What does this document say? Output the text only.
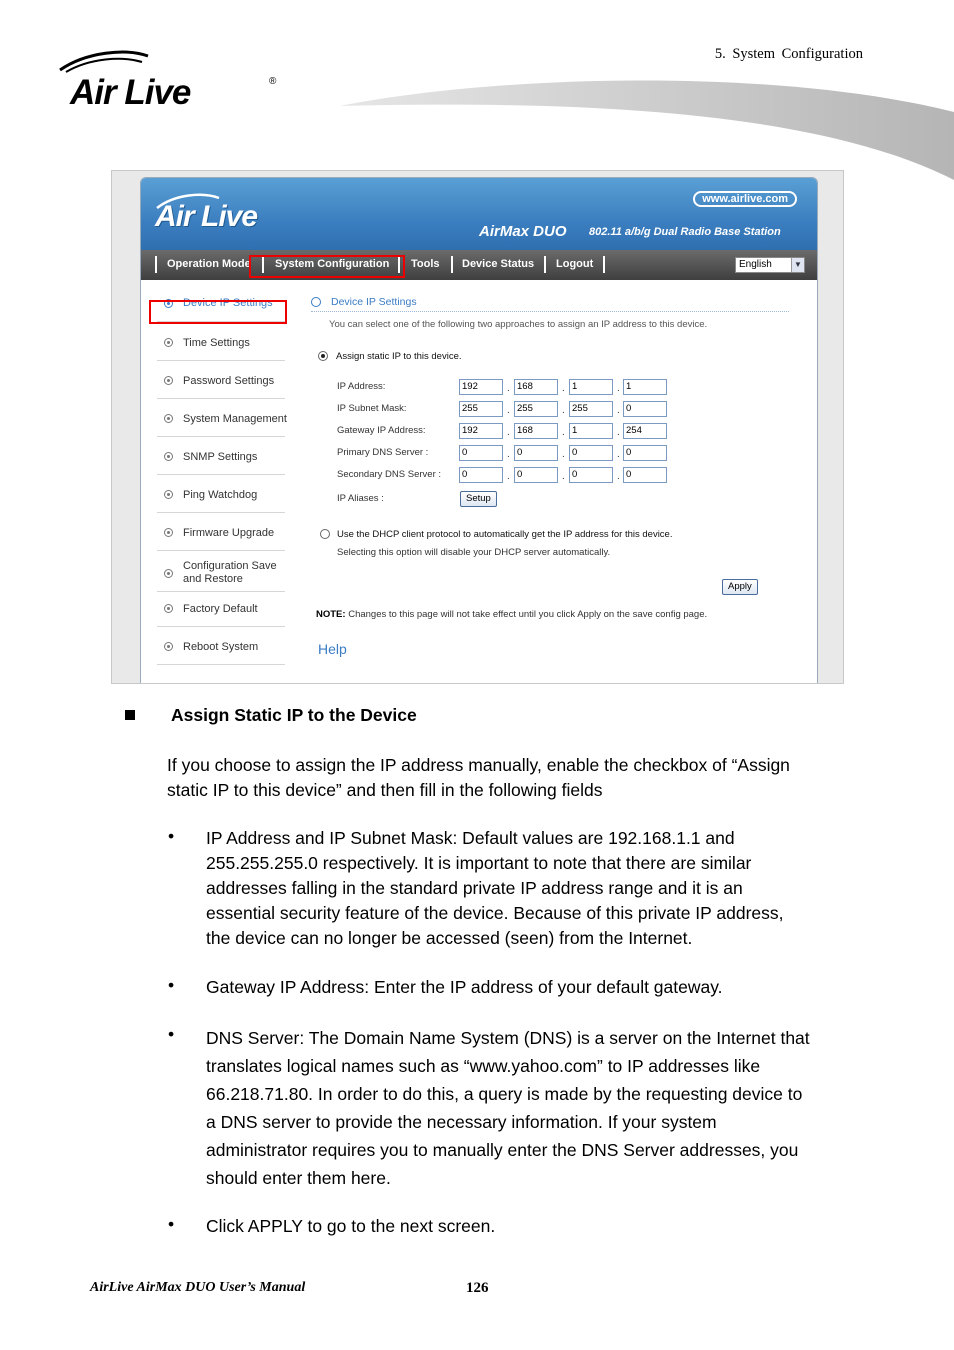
5. System Configuration
Air Live	®
Air Live
www.airlive.com
AirMax DUO 802.11 a/b/g Dual Radio Base Station
Operation Mode System Configuration Tools Device Status Logout	English	▼
Device IP Settings
Time Settings
Password Settings
System Management
SNMP Settings
Ping Watchdog
Firmware Upgrade
Configuration Save
and Restore
Factory Default
Reboot System
Device IP Settings
You can select one of the following two approaches to assign an IP address to this device.
Assign static IP to this device.
IP Address:	192	. 168	. 1	. 1
IP Subnet Mask:	255	. 255	. 255	. 0
Gateway IP Address:	192	. 168	. 1	. 254
Primary DNS Server :	0	. 0	. 0	. 0
Secondary DNS Server :	0	. 0	. 0	. 0
IP Aliases :	Setup
Use the DHCP client protocol to automatically get the IP address for this device.
Selecting this option will disable your DHCP server automatically.
Apply
NOTE: Changes to this page will not take effect until you click Apply on the save config page.
Help
Assign Static IP to the Device
If you choose to assign the IP address manually, enable the checkbox of “Assign
static IP to this device” and then fill in the following fields
• IP Address and IP Subnet Mask: Default values are 192.168.1.1 and
255.255.255.0 respectively. It is important to note that there are similar
addresses falling in the standard private IP address range and it is an
essential security feature of the device. Because of this private IP address,
the device can no longer be accessed (seen) from the Internet.
• Gateway IP Address: Enter the IP address of your default gateway.
• DNS Server: The Domain Name System (DNS) is a server on the Internet that
translates logical names such as “www.yahoo.com” to IP addresses like
66.218.71.80. In order to do this, a query is made by the requesting device to
a DNS server to provide the necessary information. If your system
administrator requires you to manually enter the DNS Server addresses, you
should enter them here.
• Click APPLY to go to the next screen.
AirLive AirMax DUO User’s Manual	126
